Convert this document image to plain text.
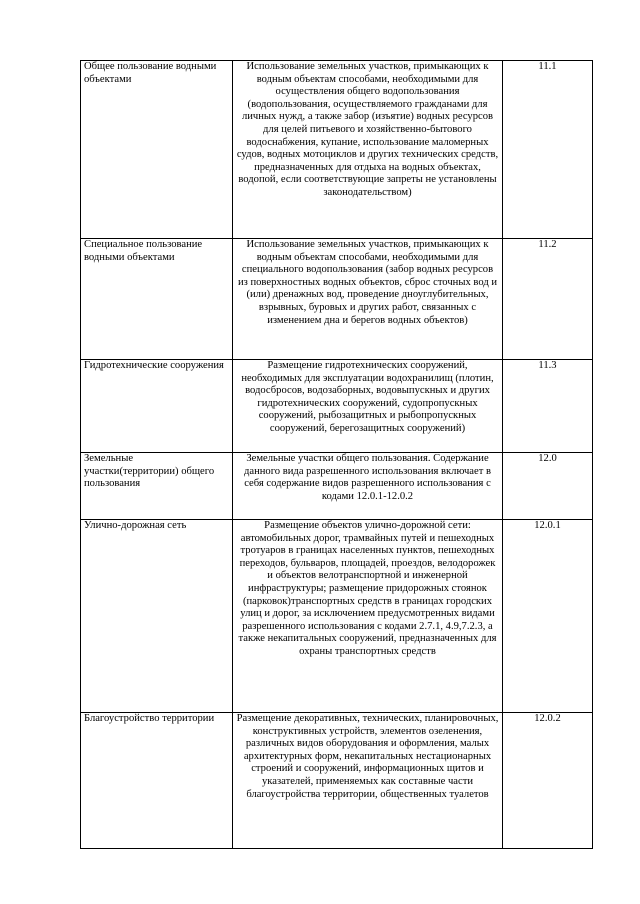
Общее пользование водными объектами	Использование земельных участков, примыкающих к водным объектам способами, необходимыми для осуществления общего водопользования (водопользования, осуществляемого гражданами для личных нужд, а также забор (изъятие) водных ресурсов для целей питьевого и хозяйственно-бытового водоснабжения, купание, использование маломерных судов, водных мотоциклов и других технических средств, предназначенных для отдыха на водных объектах, водопой, если соответствующие запреты не установлены законодательством)	11.1
Специальное пользование водными объектами	Использование земельных участков, примыкающих к водным объектам способами, необходимыми для специального водопользования (забор водных ресурсов из поверхностных водных объектов, сброс сточных вод и (или) дренажных вод, проведение дноуглубительных, взрывных, буровых и других работ, связанных с изменением дна и берегов водных объектов)	11.2
Гидротехнические сооружения	Размещение гидротехнических сооружений, необходимых для эксплуатации водохранилищ (плотин, водосбросов, водозаборных, водовыпускных и других гидротехнических сооружений, судопропускных сооружений, рыбозащитных и рыбопропускных сооружений, берегозащитных сооружений)	11.3
Земельные участки(территории) общего пользования	Земельные участки общего пользования. Содержание данного вида разрешенного использования включает в себя содержание видов разрешенного использования с кодами 12.0.1-12.0.2	12.0
Улично-дорожная сеть	Размещение объектов улично-дорожной сети: автомобильных дорог, трамвайных путей и пешеходных тротуаров в границах населенных пунктов, пешеходных переходов, бульваров, площадей, проездов, велодорожек и объектов велотранспортной и инженерной инфраструктуры; размещение придорожных стоянок (парковок)транспортных средств в границах городских улиц и дорог, за исключением предусмотренных видами разрешенного использования с кодами 2.7.1, 4.9,7.2.3, а также некапитальных сооружений, предназначенных для охраны транспортных средств	12.0.1
Благоустройство территории	Размещение декоративных, технических, планировочных, конструктивных устройств, элементов озеленения, различных видов оборудования и оформления, малых архитектурных форм, некапитальных нестационарных строений и сооружений, информационных щитов и указателей, применяемых как составные части благоустройства территории, общественных туалетов	12.0.2
